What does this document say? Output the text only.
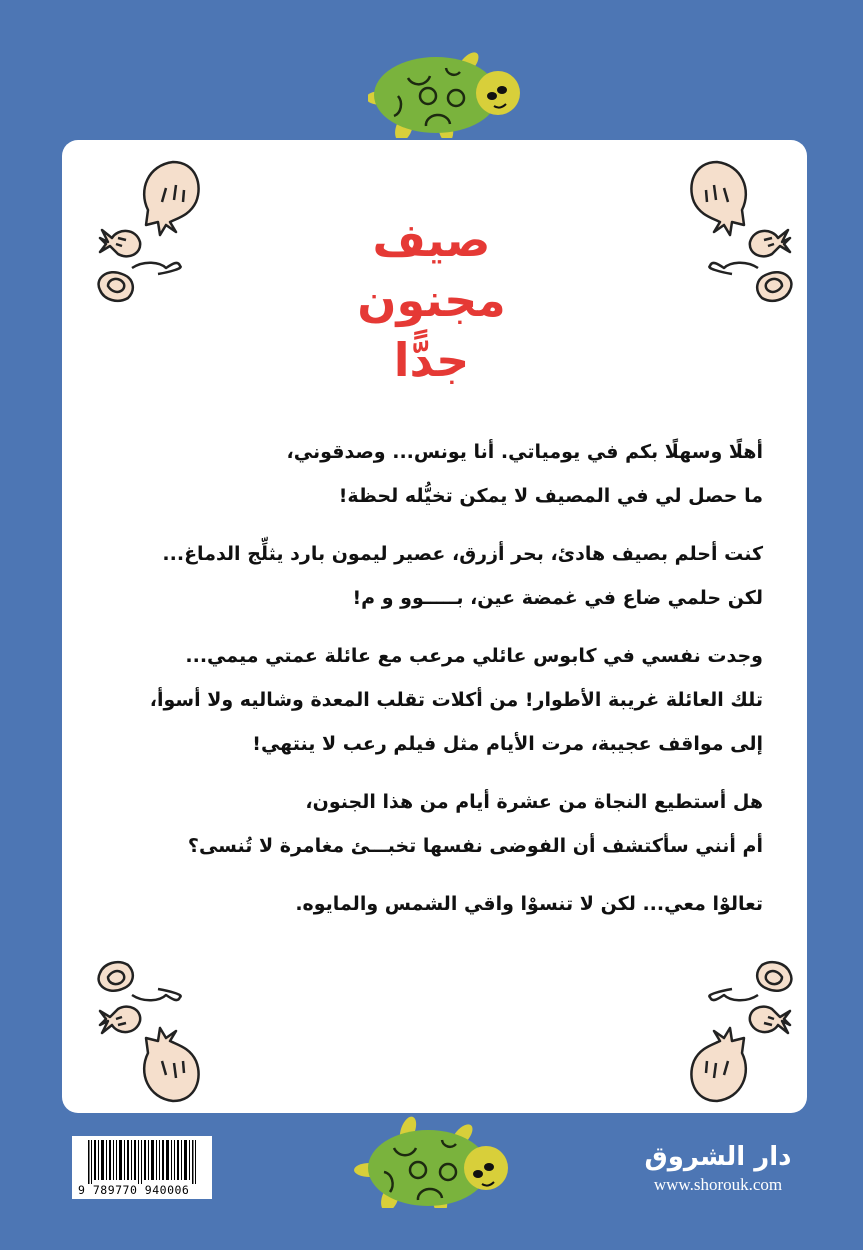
صيف
مجنون
جدًّا
أهلًا وسهلًا بكم في يومياتي. أنا يونس... وصدقوني،
ما حصل لي في المصيف لا يمكن تخيُّله لحظة!
كنت أحلم بصيف هادئ، بحر أزرق، عصير ليمون بارد يثلِّج الدماغ...
لكن حلمي ضاع في غمضة عين، بـــــوو و م!
وجدت نفسي في كابوس عائلي مرعب مع عائلة عمتي ميمي...
تلك العائلة غريبة الأطوار! من أكلات تقلب المعدة وشاليه ولا أسوأ،
إلى مواقف عجيبة، مرت الأيام مثل فيلم رعب لا ينتهي!
هل أستطيع النجاة من عشرة أيام من هذا الجنون،
أم أنني سأكتشف أن الفوضى نفسها تخبـــئ مغامرة لا تُنسى؟
تعالوْا معي... لكن لا تنسوْا واقي الشمس والمايوه.
9 789770 940006
دار الشروق
www.shorouk.com
